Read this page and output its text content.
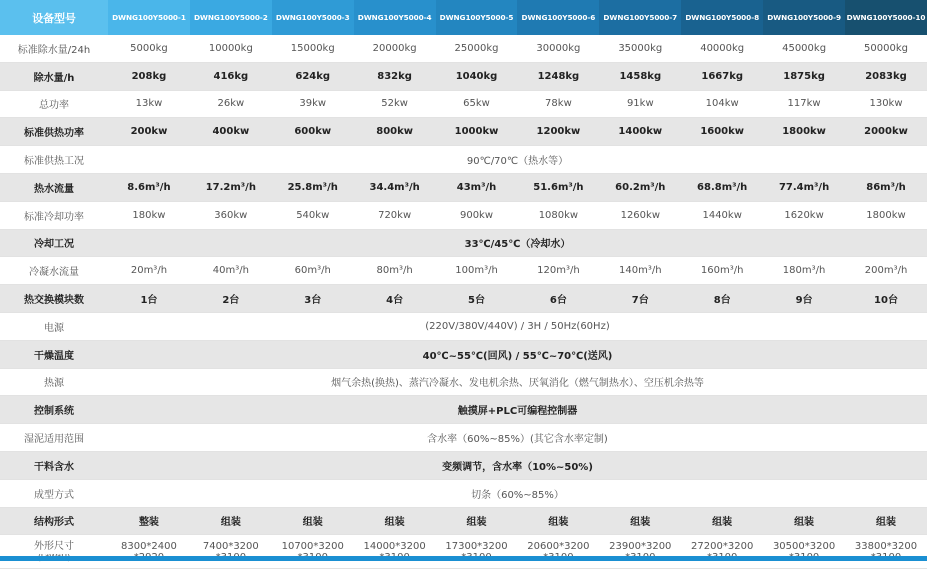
设备型号	DWNG100Y5000-1	DWNG100Y5000-2	DWNG100Y5000-3	DWNG100Y5000-4	DWNG100Y5000-5	DWNG100Y5000-6	DWNG100Y5000-7	DWNG100Y5000-8	DWNG100Y5000-9	DWNG100Y5000-10
标准除水量/24h	5000kg	10000kg	15000kg	20000kg	25000kg	30000kg	35000kg	40000kg	45000kg	50000kg
除水量/h	208kg	416kg	624kg	832kg	1040kg	1248kg	1458kg	1667kg	1875kg	2083kg
总功率	13kw	26kw	39kw	52kw	65kw	78kw	91kw	104kw	117kw	130kw
标准供热功率	200kw	400kw	600kw	800kw	1000kw	1200kw	1400kw	1600kw	1800kw	2000kw
标准供热工况	90℃/70℃（热水等）									
热水流量	8.6m³/h	17.2m³/h	25.8m³/h	34.4m³/h	43m³/h	51.6m³/h	60.2m³/h	68.8m³/h	77.4m³/h	86m³/h
标准冷却功率	180kw	360kw	540kw	720kw	900kw	1080kw	1260kw	1440kw	1620kw	1800kw
冷却工况	33℃/45℃（冷却水）									
冷凝水流量	20m³/h	40m³/h	60m³/h	80m³/h	100m³/h	120m³/h	140m³/h	160m³/h	180m³/h	200m³/h
热交换模块数	1台	2台	3台	4台	5台	6台	7台	8台	9台	10台
电源	(220V/380V/440V) / 3H / 50Hz(60Hz)									
干燥温度	40℃~55℃(回风) / 55℃~70℃(送风)									
热源	烟气余热(换热)、蒸汽冷凝水、发电机余热、厌氧消化（燃气制热水）、空压机余热等									
控制系统	触摸屏+PLC可编程控制器									
湿泥适用范围	含水率（60%~85%）(其它含水率定制)									
干料含水	变频调节，含水率（10%~50%)									
成型方式	切条（60%~85%）									
结构形式	整装	组装	组装	组装	组装	组装	组装	组装	组装	组装
外形尺寸	8300*2400	7400*3200	10700*3200	14000*3200	17300*3200	20600*3200	23900*3200	27200*3200	30500*3200	33800*3200
